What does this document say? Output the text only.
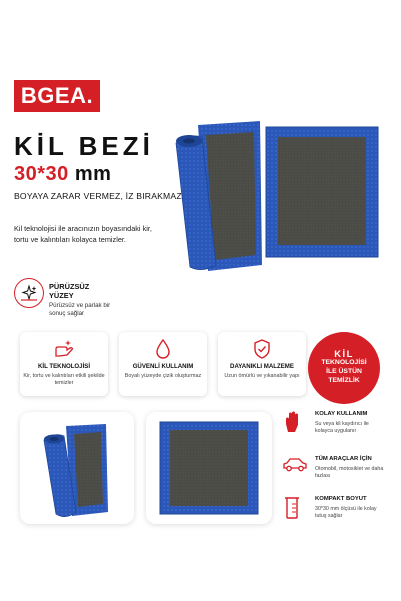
BGEA.
KİL BEZİ
30*30 mm
BOYAYA ZARAR VERMEZ, İZ BIRAKMAZ
Kil teknolojisi ile aracınızın boyasındaki kir, tortu ve kalıntıları kolayca temizler.
PÜRÜZSÜZ YÜZEY
Pürüzsüz ve parlak bir sonuç sağlar
KİL TEKNOLOJİSİ
Kir, tortu ve kalıntıları etkili şekilde temizler
GÜVENLİ KULLANIM
Boyalı yüzeyde çizik oluşturmaz
DAYANIKLI MALZEME
Uzun ömürlü ve yıkanabilir yapı
KİL
TEKNOLOJİSİ
İLE ÜSTÜN
TEMİZLİK
KOLAY KULLANIM
Su veya kil kaydırıcı ile kolayca uygulanır
TÜM ARAÇLAR İÇİN
Otomobil, motosiklet ve daha fazlası
KOMPAKT BOYUT
30*30 mm ölçüsü ile kolay tutuş sağlar
